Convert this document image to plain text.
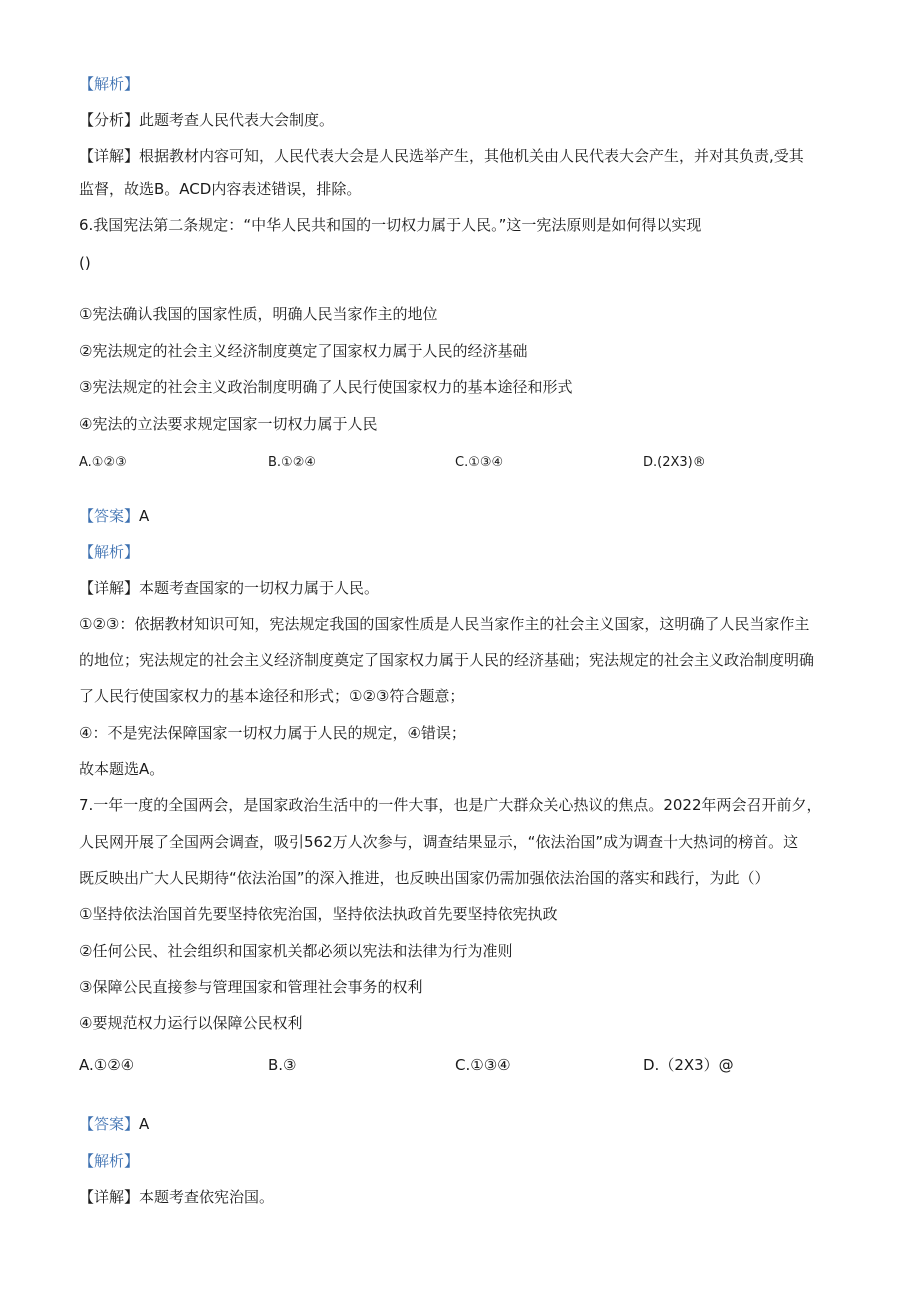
【解析】
【分析】此题考查人民代表大会制度。
【详解】根据教材内容可知，人民代表大会是人民选举产生，其他机关由人民代表大会产生，并对其负责,受其
监督，故选B。ACD内容表述错误，排除。
6.我国宪法第二条规定：“中华人民共和国的一切权力属于人民。”这一宪法原则是如何得以实现
()
①宪法确认我国的国家性质，明确人民当家作主的地位
②宪法规定的社会主义经济制度奠定了国家权力属于人民的经济基础
③宪法规定的社会主义政治制度明确了人民行使国家权力的基本途径和形式
④宪法的立法要求规定国家一切权力属于人民
A.①②③	B.①②④	C.①③④	D.(2X3)®
【答案】A
【解析】
【详解】本题考查国家的一切权力属于人民。
①②③：依据教材知识可知，宪法规定我国的国家性质是人民当家作主的社会主义国家，这明确了人民当家作主
的地位；宪法规定的社会主义经济制度奠定了国家权力属于人民的经济基础；宪法规定的社会主义政治制度明确
了人民行使国家权力的基本途径和形式；①②③符合题意；
④：不是宪法保障国家一切权力属于人民的规定，④错误；
故本题选A。
7.一年一度的全国两会，是国家政治生活中的一件大事，也是广大群众关心热议的焦点。2022年两会召开前夕，
人民网开展了全国两会调查，吸引562万人次参与，调查结果显示，“依法治国”成为调查十大热词的榜首。这
既反映出广大人民期待“依法治国”的深入推进，也反映出国家仍需加强依法治国的落实和践行，为此（）
①坚持依法治国首先要坚持依宪治国，坚持依法执政首先要坚持依宪执政
②任何公民、社会组织和国家机关都必须以宪法和法律为行为准则
③保障公民直接参与管理国家和管理社会事务的权利
④要规范权力运行以保障公民权利
A.①②④	B.③	C.①③④	D.（2X3）@
【答案】A
【解析】
【详解】本题考查依宪治国。
